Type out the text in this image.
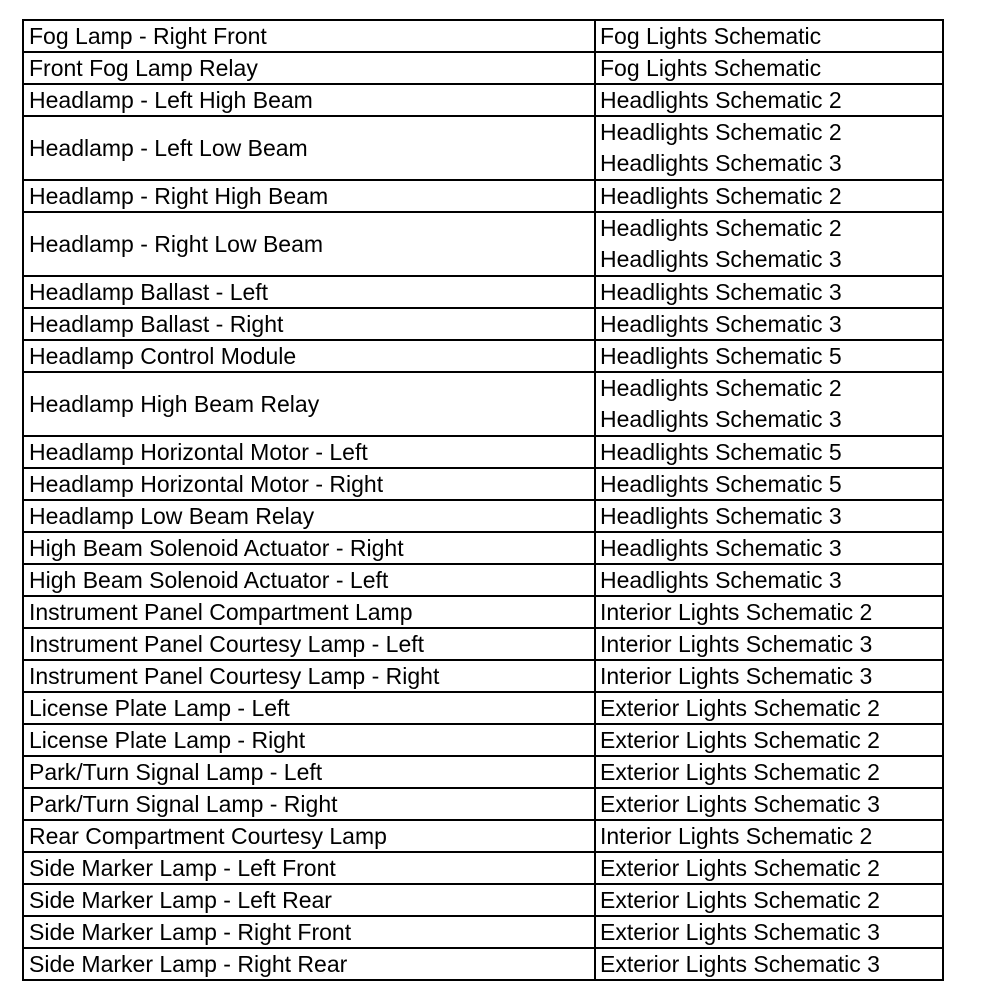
Fog Lamp - Right Front	Fog Lights Schematic
Front Fog Lamp Relay	Fog Lights Schematic
Headlamp - Left High Beam	Headlights Schematic 2
Headlamp - Left Low Beam	Headlights Schematic 2
Headlights Schematic 3

Headlamp - Right High Beam	Headlights Schematic 2
Headlamp - Right Low Beam	Headlights Schematic 2
Headlights Schematic 3

Headlamp Ballast - Left	Headlights Schematic 3
Headlamp Ballast - Right	Headlights Schematic 3
Headlamp Control Module	Headlights Schematic 5
Headlamp High Beam Relay	Headlights Schematic 2
Headlights Schematic 3

Headlamp Horizontal Motor - Left	Headlights Schematic 5
Headlamp Horizontal Motor - Right	Headlights Schematic 5
Headlamp Low Beam Relay	Headlights Schematic 3
High Beam Solenoid Actuator - Right	Headlights Schematic 3
High Beam Solenoid Actuator - Left	Headlights Schematic 3
Instrument Panel Compartment Lamp	Interior Lights Schematic 2
Instrument Panel Courtesy Lamp - Left	Interior Lights Schematic 3
Instrument Panel Courtesy Lamp - Right	Interior Lights Schematic 3
License Plate Lamp - Left	Exterior Lights Schematic 2
License Plate Lamp - Right	Exterior Lights Schematic 2
Park/Turn Signal Lamp - Left	Exterior Lights Schematic 2
Park/Turn Signal Lamp - Right	Exterior Lights Schematic 3
Rear Compartment Courtesy Lamp	Interior Lights Schematic 2
Side Marker Lamp - Left Front	Exterior Lights Schematic 2
Side Marker Lamp - Left Rear	Exterior Lights Schematic 2
Side Marker Lamp - Right Front	Exterior Lights Schematic 3
Side Marker Lamp - Right Rear	Exterior Lights Schematic 3
